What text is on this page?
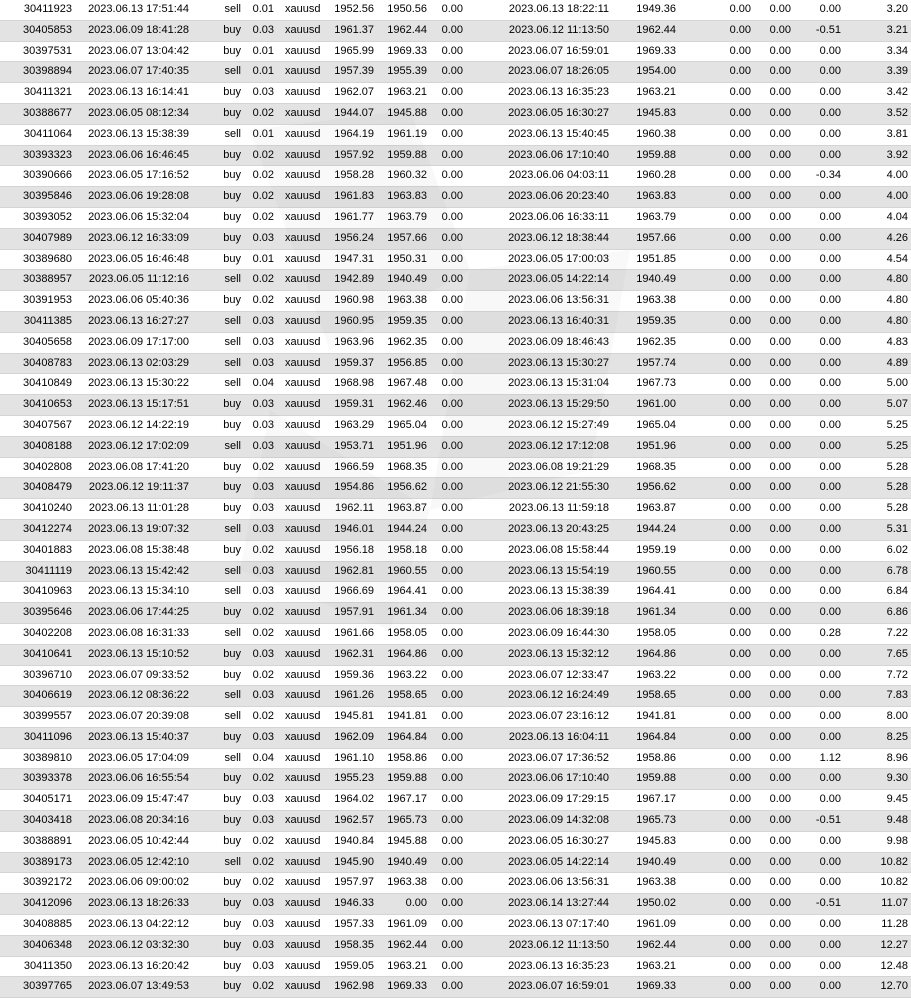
30411923	2023.06.13 17:51:44	sell	0.01	xauusd	1952.56	1950.56	0.00	2023.06.13 18:22:11	1949.36	0.00	0.00	0.00	3.20
30405853	2023.06.09 18:41:28	buy	0.03	xauusd	1961.37	1962.44	0.00	2023.06.12 11:13:50	1962.44	0.00	0.00	-0.51	3.21
30397531	2023.06.07 13:04:42	buy	0.01	xauusd	1965.99	1969.33	0.00	2023.06.07 16:59:01	1969.33	0.00	0.00	0.00	3.34
30398894	2023.06.07 17:40:35	sell	0.01	xauusd	1957.39	1955.39	0.00	2023.06.07 18:26:05	1954.00	0.00	0.00	0.00	3.39
30411321	2023.06.13 16:14:41	buy	0.03	xauusd	1962.07	1963.21	0.00	2023.06.13 16:35:23	1963.21	0.00	0.00	0.00	3.42
30388677	2023.06.05 08:12:34	buy	0.02	xauusd	1944.07	1945.88	0.00	2023.06.05 16:30:27	1945.83	0.00	0.00	0.00	3.52
30411064	2023.06.13 15:38:39	sell	0.01	xauusd	1964.19	1961.19	0.00	2023.06.13 15:40:45	1960.38	0.00	0.00	0.00	3.81
30393323	2023.06.06 16:46:45	buy	0.02	xauusd	1957.92	1959.88	0.00	2023.06.06 17:10:40	1959.88	0.00	0.00	0.00	3.92
30390666	2023.06.05 17:16:52	buy	0.02	xauusd	1958.28	1960.32	0.00	2023.06.06 04:03:11	1960.28	0.00	0.00	-0.34	4.00
30395846	2023.06.06 19:28:08	buy	0.02	xauusd	1961.83	1963.83	0.00	2023.06.06 20:23:40	1963.83	0.00	0.00	0.00	4.00
30393052	2023.06.06 15:32:04	buy	0.02	xauusd	1961.77	1963.79	0.00	2023.06.06 16:33:11	1963.79	0.00	0.00	0.00	4.04
30407989	2023.06.12 16:33:09	buy	0.03	xauusd	1956.24	1957.66	0.00	2023.06.12 18:38:44	1957.66	0.00	0.00	0.00	4.26
30389680	2023.06.05 16:46:48	buy	0.01	xauusd	1947.31	1950.31	0.00	2023.06.05 17:00:03	1951.85	0.00	0.00	0.00	4.54
30388957	2023.06.05 11:12:16	sell	0.02	xauusd	1942.89	1940.49	0.00	2023.06.05 14:22:14	1940.49	0.00	0.00	0.00	4.80
30391953	2023.06.06 05:40:36	buy	0.02	xauusd	1960.98	1963.38	0.00	2023.06.06 13:56:31	1963.38	0.00	0.00	0.00	4.80
30411385	2023.06.13 16:27:27	sell	0.03	xauusd	1960.95	1959.35	0.00	2023.06.13 16:40:31	1959.35	0.00	0.00	0.00	4.80
30405658	2023.06.09 17:17:00	sell	0.03	xauusd	1963.96	1962.35	0.00	2023.06.09 18:46:43	1962.35	0.00	0.00	0.00	4.83
30408783	2023.06.13 02:03:29	sell	0.03	xauusd	1959.37	1956.85	0.00	2023.06.13 15:30:27	1957.74	0.00	0.00	0.00	4.89
30410849	2023.06.13 15:30:22	sell	0.04	xauusd	1968.98	1967.48	0.00	2023.06.13 15:31:04	1967.73	0.00	0.00	0.00	5.00
30410653	2023.06.13 15:17:51	buy	0.03	xauusd	1959.31	1962.46	0.00	2023.06.13 15:29:50	1961.00	0.00	0.00	0.00	5.07
30407567	2023.06.12 14:22:19	buy	0.03	xauusd	1963.29	1965.04	0.00	2023.06.12 15:27:49	1965.04	0.00	0.00	0.00	5.25
30408188	2023.06.12 17:02:09	sell	0.03	xauusd	1953.71	1951.96	0.00	2023.06.12 17:12:08	1951.96	0.00	0.00	0.00	5.25
30402808	2023.06.08 17:41:20	buy	0.02	xauusd	1966.59	1968.35	0.00	2023.06.08 19:21:29	1968.35	0.00	0.00	0.00	5.28
30408479	2023.06.12 19:11:37	buy	0.03	xauusd	1954.86	1956.62	0.00	2023.06.12 21:55:30	1956.62	0.00	0.00	0.00	5.28
30410240	2023.06.13 11:01:28	buy	0.03	xauusd	1962.11	1963.87	0.00	2023.06.13 11:59:18	1963.87	0.00	0.00	0.00	5.28
30412274	2023.06.13 19:07:32	sell	0.03	xauusd	1946.01	1944.24	0.00	2023.06.13 20:43:25	1944.24	0.00	0.00	0.00	5.31
30401883	2023.06.08 15:38:48	buy	0.02	xauusd	1956.18	1958.18	0.00	2023.06.08 15:58:44	1959.19	0.00	0.00	0.00	6.02
30411119	2023.06.13 15:42:42	sell	0.03	xauusd	1962.81	1960.55	0.00	2023.06.13 15:54:19	1960.55	0.00	0.00	0.00	6.78
30410963	2023.06.13 15:34:10	sell	0.03	xauusd	1966.69	1964.41	0.00	2023.06.13 15:38:39	1964.41	0.00	0.00	0.00	6.84
30395646	2023.06.06 17:44:25	buy	0.02	xauusd	1957.91	1961.34	0.00	2023.06.06 18:39:18	1961.34	0.00	0.00	0.00	6.86
30402208	2023.06.08 16:31:33	sell	0.02	xauusd	1961.66	1958.05	0.00	2023.06.09 16:44:30	1958.05	0.00	0.00	0.28	7.22
30410641	2023.06.13 15:10:52	buy	0.03	xauusd	1962.31	1964.86	0.00	2023.06.13 15:32:12	1964.86	0.00	0.00	0.00	7.65
30396710	2023.06.07 09:33:52	buy	0.02	xauusd	1959.36	1963.22	0.00	2023.06.07 12:33:47	1963.22	0.00	0.00	0.00	7.72
30406619	2023.06.12 08:36:22	sell	0.03	xauusd	1961.26	1958.65	0.00	2023.06.12 16:24:49	1958.65	0.00	0.00	0.00	7.83
30399557	2023.06.07 20:39:08	sell	0.02	xauusd	1945.81	1941.81	0.00	2023.06.07 23:16:12	1941.81	0.00	0.00	0.00	8.00
30411096	2023.06.13 15:40:37	buy	0.03	xauusd	1962.09	1964.84	0.00	2023.06.13 16:04:11	1964.84	0.00	0.00	0.00	8.25
30389810	2023.06.05 17:04:09	sell	0.04	xauusd	1961.10	1958.86	0.00	2023.06.07 17:36:52	1958.86	0.00	0.00	1.12	8.96
30393378	2023.06.06 16:55:54	buy	0.02	xauusd	1955.23	1959.88	0.00	2023.06.06 17:10:40	1959.88	0.00	0.00	0.00	9.30
30405171	2023.06.09 15:47:47	buy	0.03	xauusd	1964.02	1967.17	0.00	2023.06.09 17:29:15	1967.17	0.00	0.00	0.00	9.45
30403418	2023.06.08 20:34:16	buy	0.03	xauusd	1962.57	1965.73	0.00	2023.06.09 14:32:08	1965.73	0.00	0.00	-0.51	9.48
30388891	2023.06.05 10:42:44	buy	0.02	xauusd	1940.84	1945.88	0.00	2023.06.05 16:30:27	1945.83	0.00	0.00	0.00	9.98
30389173	2023.06.05 12:42:10	sell	0.02	xauusd	1945.90	1940.49	0.00	2023.06.05 14:22:14	1940.49	0.00	0.00	0.00	10.82
30392172	2023.06.06 09:00:02	buy	0.02	xauusd	1957.97	1963.38	0.00	2023.06.06 13:56:31	1963.38	0.00	0.00	0.00	10.82
30412096	2023.06.13 18:26:33	buy	0.03	xauusd	1946.33	0.00	0.00	2023.06.14 13:27:44	1950.02	0.00	0.00	-0.51	11.07
30408885	2023.06.13 04:22:12	buy	0.03	xauusd	1957.33	1961.09	0.00	2023.06.13 07:17:40	1961.09	0.00	0.00	0.00	11.28
30406348	2023.06.12 03:32:30	buy	0.03	xauusd	1958.35	1962.44	0.00	2023.06.12 11:13:50	1962.44	0.00	0.00	0.00	12.27
30411350	2023.06.13 16:20:42	buy	0.03	xauusd	1959.05	1963.21	0.00	2023.06.13 16:35:23	1963.21	0.00	0.00	0.00	12.48
30397765	2023.06.07 13:49:53	buy	0.02	xauusd	1962.98	1969.33	0.00	2023.06.07 16:59:01	1969.33	0.00	0.00	0.00	12.70
